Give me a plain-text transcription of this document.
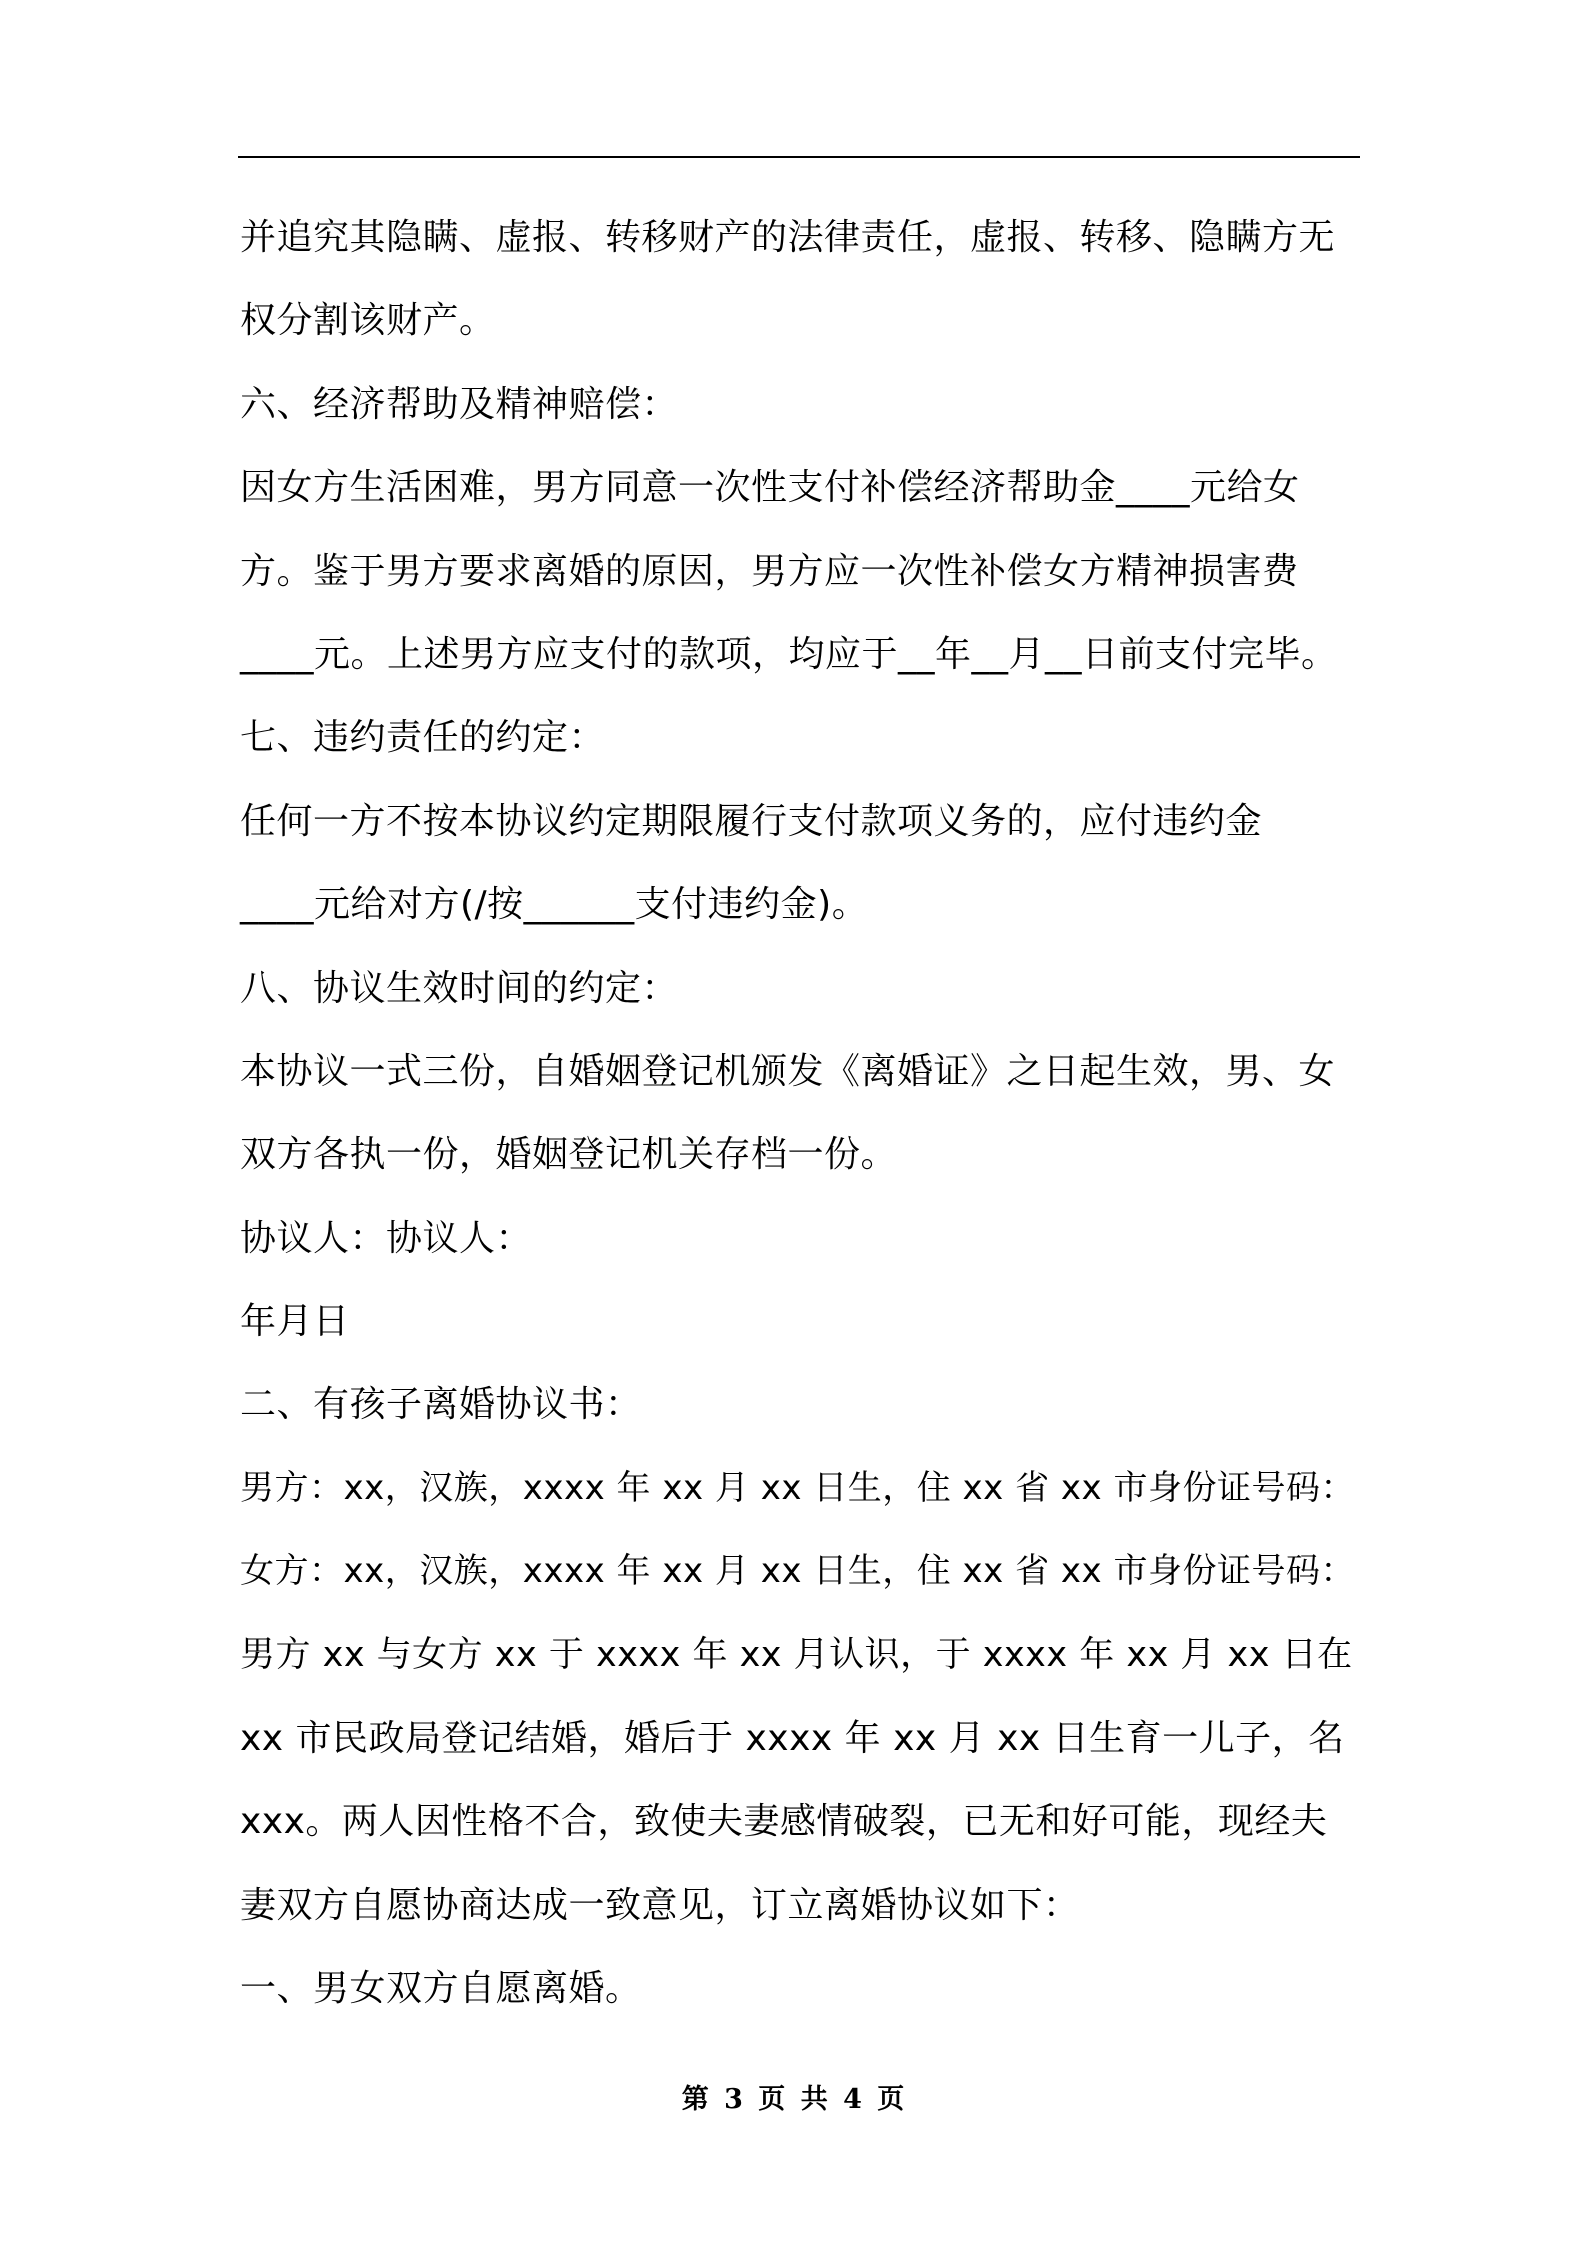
并追究其隐瞒、虚报、转移财产的法律责任，虚报、转移、隐瞒方无
权分割该财产。
六、经济帮助及精神赔偿：
因女方生活困难，男方同意一次性支付补偿经济帮助金____元给女
方。鉴于男方要求离婚的原因，男方应一次性补偿女方精神损害费
____元。上述男方应支付的款项，均应于__年__月__日前支付完毕。
七、违约责任的约定：
任何一方不按本协议约定期限履行支付款项义务的，应付违约金
____元给对方(/按______支付违约金)。
八、协议生效时间的约定：
本协议一式三份，自婚姻登记机颁发《离婚证》之日起生效，男、女
双方各执一份，婚姻登记机关存档一份。
协议人：协议人：
年月日
二、有孩子离婚协议书：
男方：xx，汉族，xxxx 年 xx 月 xx 日生，住 xx 省 xx 市身份证号码：
女方：xx，汉族，xxxx 年 xx 月 xx 日生，住 xx 省 xx 市身份证号码：
男方 xx 与女方 xx 于 xxxx 年 xx 月认识，于 xxxx 年 xx 月 xx 日在
xx 市民政局登记结婚，婚后于 xxxx 年 xx 月 xx 日生育一儿子，名
xxx。两人因性格不合，致使夫妻感情破裂，已无和好可能，现经夫
妻双方自愿协商达成一致意见，订立离婚协议如下：
一、男女双方自愿离婚。
第 3 页 共 4 页
